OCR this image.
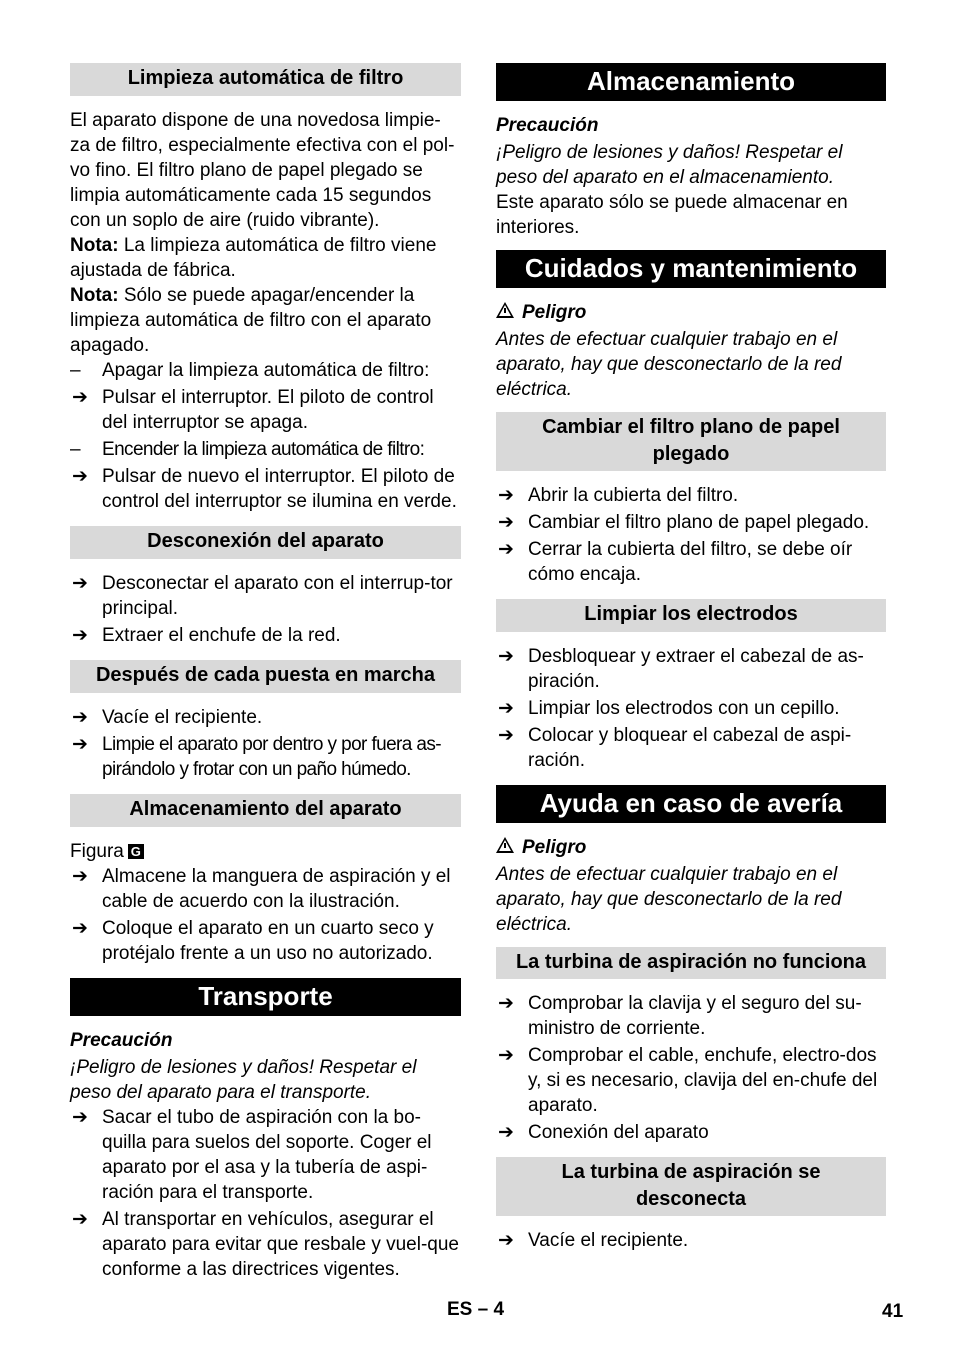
Limpieza automática de filtro

El aparato dispone de una novedosa limpie-
za de filtro, especialmente efectiva con el pol-
vo fino. El filtro plano de papel plegado se
limpia automáticamente cada 15 segundos
con un soplo de aire (ruido vibrante).

Nota: La limpieza automática de filtro viene ajustada de fábrica.

Nota: Sólo se puede apagar/encender la limpieza automática de filtro con el aparato apagado.

–	Apagar la limpieza automática de filtro:
➔ Pulsar el interruptor. El piloto de control del interruptor se apaga.
–	Encender la limpieza automática de filtro:
➔ Pulsar de nuevo el interruptor. El piloto de control del interruptor se ilumina en verde.
Desconexión del aparato
➔ Desconectar el aparato con el interrup-tor principal.
➔ Extraer el enchufe de la red.
Después de cada puesta en marcha
➔ Vacíe el recipiente.
➔ Limpie el aparato por dentro y por fuera as-pirándolo y frotar con un paño húmedo.
Almacenamiento del aparato

Figura G

➔ Almacene la manguera de aspiración y el cable de acuerdo con la ilustración.
➔ Coloque el aparato en un cuarto seco y protéjalo frente a un uso no autorizado.
Transporte

Precaución

¡Peligro de lesiones y daños! Respetar el peso del aparato para el transporte.

➔ Sacar el tubo de aspiración con la bo-quilla para suelos del soporte. Coger el aparato por el asa y la tubería de aspi-ración para el transporte.
➔ Al transportar en vehículos, asegurar el aparato para evitar que resbale y vuel-que conforme a las directrices vigentes.
Almacenamiento

Precaución

¡Peligro de lesiones y daños! Respetar el peso del aparato en el almacenamiento.

Este aparato sólo se puede almacenar en interiores.

Cuidados y mantenimiento

Peligro

Antes de efectuar cualquier trabajo en el aparato, hay que desconectarlo de la red eléctrica.

Cambiar el filtro plano de papel plegado
➔ Abrir la cubierta del filtro.
➔ Cambiar el filtro plano de papel plegado.
➔ Cerrar la cubierta del filtro, se debe oír cómo encaja.
Limpiar los electrodos
➔ Desbloquear y extraer el cabezal de as-piración.
➔ Limpiar los electrodos con un cepillo.
➔ Colocar y bloquear el cabezal de aspi-ración.
Ayuda en caso de avería

Peligro

Antes de efectuar cualquier trabajo en el aparato, hay que desconectarlo de la red eléctrica.

La turbina de aspiración no funciona
➔ Comprobar la clavija y el seguro del su-ministro de corriente.
➔ Comprobar el cable, enchufe, electro-dos y, si es necesario, clavija del en-chufe del aparato.
➔ Conexión del aparato
La turbina de aspiración se desconecta
➔ Vacíe el recipiente.
ES – 4	41
